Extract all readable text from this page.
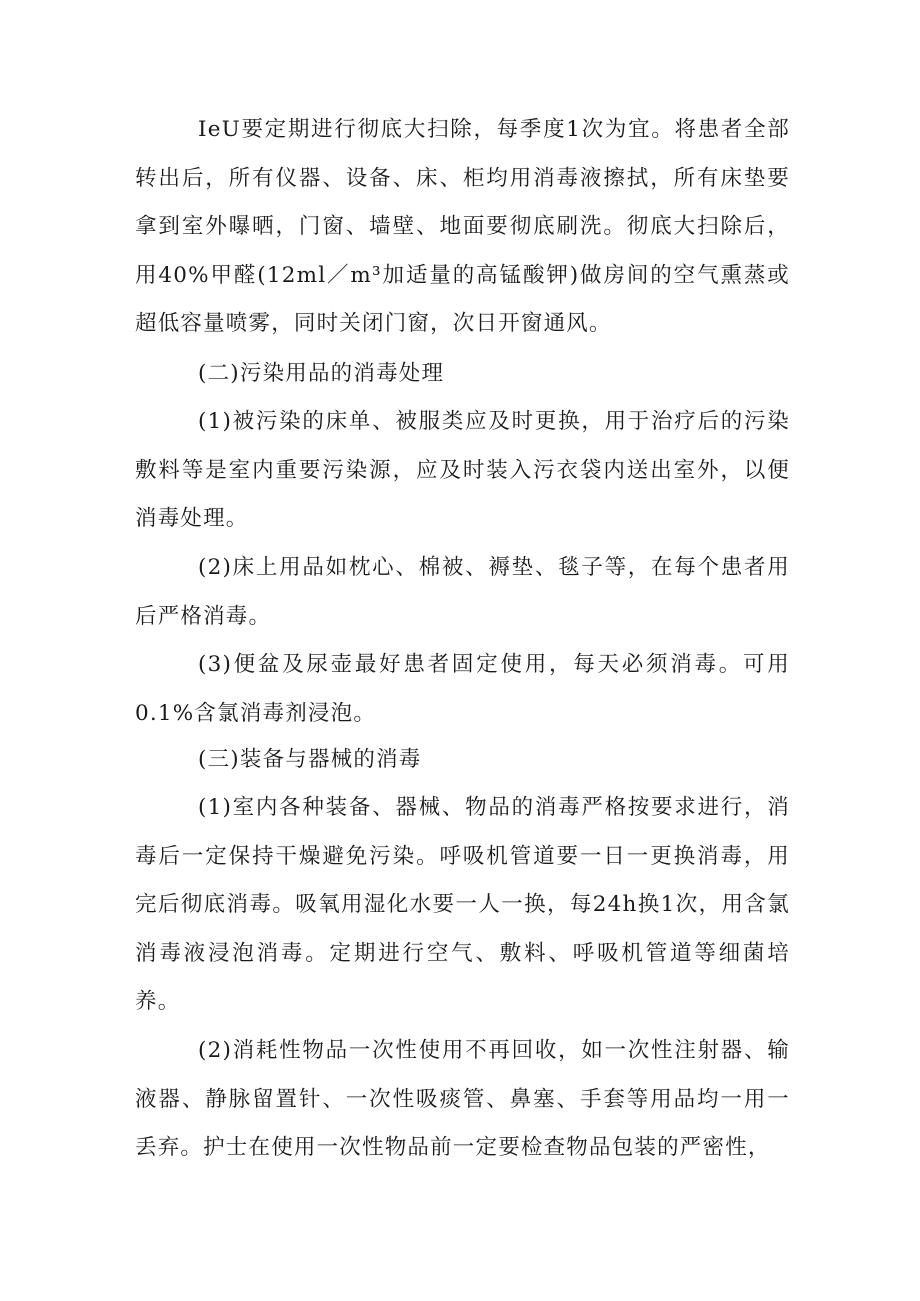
IeU要定期进行彻底大扫除，每季度1次为宜。将患者全部转出后，所有仪器、设备、床、柜均用消毒液擦拭，所有床垫要拿到室外曝晒，门窗、墙壁、地面要彻底刷洗。彻底大扫除后，用40%甲醛(12ml／m³加适量的高锰酸钾)做房间的空气熏蒸或超低容量喷雾，同时关闭门窗，次日开窗通风。

(二)污染用品的消毒处理

(1)被污染的床单、被服类应及时更换，用于治疗后的污染敷料等是室内重要污染源，应及时装入污衣袋内送出室外，以便消毒处理。

(2)床上用品如枕心、棉被、褥垫、毯子等，在每个患者用后严格消毒。

(3)便盆及尿壶最好患者固定使用，每天必须消毒。可用0.1%含氯消毒剂浸泡。

(三)装备与器械的消毒

(1)室内各种装备、器械、物品的消毒严格按要求进行，消毒后一定保持干燥避免污染。呼吸机管道要一日一更换消毒，用完后彻底消毒。吸氧用湿化水要一人一换，每24h换1次，用含氯消毒液浸泡消毒。定期进行空气、敷料、呼吸机管道等细菌培养。

(2)消耗性物品一次性使用不再回收，如一次性注射器、输液器、静脉留置针、一次性吸痰管、鼻塞、手套等用品均一用一丢弃。护士在使用一次性物品前一定要检查物品包装的严密性，
